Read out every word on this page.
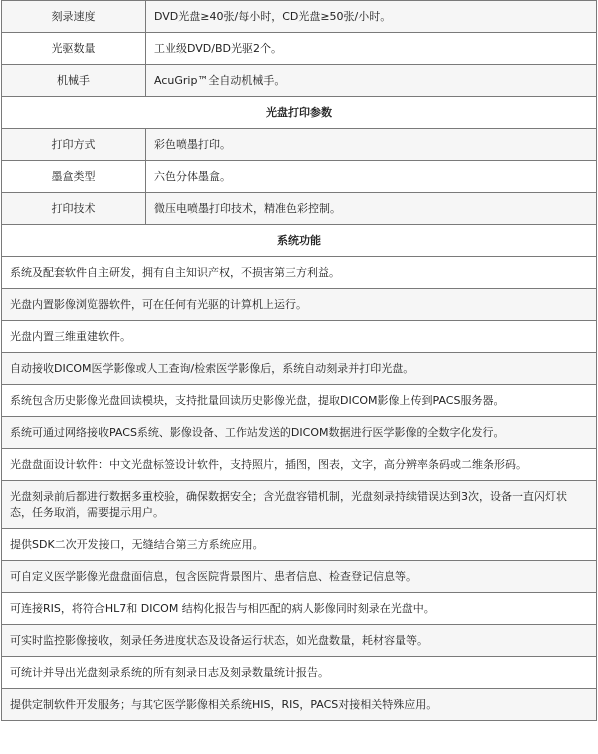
刻录速度	DVD光盘≥40张/每小时，CD光盘≥50张/小时。
光驱数量	工业级DVD/BD光驱2个。
机械手	AcuGrip™全自动机械手。
光盘打印参数	
打印方式	彩色喷墨打印。
墨盒类型	六色分体墨盒。
打印技术	微压电喷墨打印技术，精准色彩控制。
系统功能	
系统及配套软件自主研发，拥有自主知识产权，不损害第三方利益。	
光盘内置影像浏览器软件，可在任何有光驱的计算机上运行。	
光盘内置三维重建软件。	
自动接收DICOM医学影像或人工查询/检索医学影像后，系统自动刻录并打印光盘。	
系统包含历史影像光盘回读模块，支持批量回读历史影像光盘，提取DICOM影像上传到PACS服务器。	
系统可通过网络接收PACS系统、影像设备、工作站发送的DICOM数据进行医学影像的全数字化发行。	
光盘盘面设计软件：中文光盘标签设计软件，支持照片，插图，图表，文字，高分辨率条码或二维条形码。	
光盘刻录前后都进行数据多重校验，确保数据安全；含光盘容错机制，光盘刻录持续错误达到3次，设备一直闪灯状态，任务取消，需要提示用户。	
提供SDK二次开发接口，无缝结合第三方系统应用。	
可自定义医学影像光盘盘面信息，包含医院背景图片、患者信息、检查登记信息等。	
可连接RIS，将符合HL7和 DICOM 结构化报告与相匹配的病人影像同时刻录在光盘中。	
可实时监控影像接收，刻录任务进度状态及设备运行状态，如光盘数量，耗材容量等。	
可统计并导出光盘刻录系统的所有刻录日志及刻录数量统计报告。	
提供定制软件开发服务；与其它医学影像相关系统HIS，RIS，PACS对接相关特殊应用。	
